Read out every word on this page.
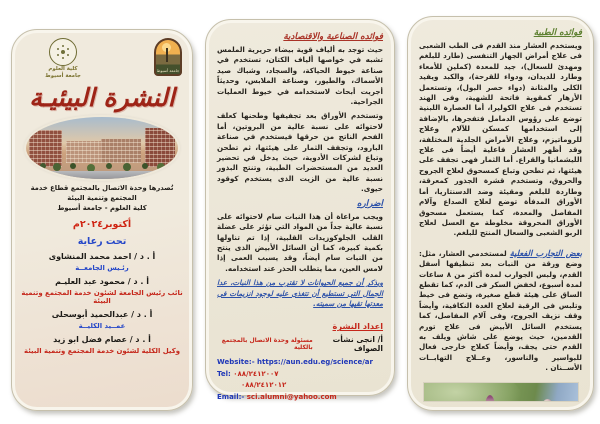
كلية العلوم
جامعة أسيوط
جامعة أسيوط
النشرة البيئيـة

تُصدرها وحدة الاتصال بالمجتمع قطاع خدمة المجتمع وتنمية البيئة

كلية العلوم - جامعة أسيوط

أكتوبر٢٠٢٤م

تحت رعاية

أ . د / احمد محمد المنشاوى

رئـيس الجامعــة

أ . د / محمود عبد العليـم

نائب رئيس الجامعة لشئون خدمة المجتمع وتنمية البيئة

أ . د / عبدالحميد أبوسحلى

عمــيد الكليــة

أ . د / عصام فضل ابو زيد

وكيل الكلية لشئون خدمة المجتمع وتنمية البيئة

فوائده الصناعية والاقتصادية

حيث توجد به ألياف قوية بيضاء حريرية الملمس تشبه في خواصها ألياف الكتان، تستخدم في صناعة خيوط الحياكة، والسجاد، وشباك صيد الأسماك، والطيور، وصناعة الملابس، وحديثاً أجريت أبحاث لاستخدامه في خيوط العمليات الجراحية.

وتستخدم الأوراق بعد تجفيفها وطحنها كعلف لاحتوائه على نسبة عالية من البروتين، أما الفحم الناتج من حرقها فيستخدم في صناعة البارود، وتجفف الثمار على هيئتها، ثم تطحن وتباع لشركات الأدوية، حيث يدخل في تحضير العديد من المستحضرات الطبية، وتنتج البذور نسبة عالية من الزيت الذى يستخدم كوقود حيوى.

اضراره

ويجب مراعاة أن هذا النبات سام لاحتوائه على نسبة عالية جداً من المواد التي تؤثر على عضلة القلب الجلوكوزيدات القلبية، إذا تم تناولها بكمية كبيرة، كما أن السائل الأبيض الذى ينتج من النبات سام أيضاً، وقد يسبب العمى إذا لامس العين، مما يتطلب الحذر عند استخدامه.

ويذكر أن جميع الحيوانات لا تقترب من هذا النبات، عدا الجمال التى تستطيع أن تتغذى عليه لوجود انزيمات فى معدتها تقيها من سميته.

اعداد النشرة
أ/ انجى نشأت الصواف
مسئولة وحدة الاتصال بالمجتمع بالكلية
Website:- https://aun.edu.eg/science/ar
Tel: ٠٨٨/٢٤١٢٠٠٧
٠٨٨/٢٤١٢٠١٢
Email:- sci.alumni@yahoo.com
فوائده الطبية

ويستخدم العشار منذ القدم فى الطب الشعبى فى علاج أمراض الجهاز التنفسى (طارد للبلغم ومهدئ للسعال)، جيد للمعدة (كملين للأمعاء وطارد للديدان، ودواء للقرحة)، والكبد ويفيد الكلى والمثانة (دواء حصر البول)، وتستعمل الأزهار كمقوية فاتحة للشهية، وفى الهند تستخدم فى علاج الكوليرا، أما العصارة اللبنية توضع على رؤوس الدمامل فتفجرها، بالإضافة إلى استخدامها كمسكن للآلام وعلاج للروماتيزم، وعلاج الأمراض الجلدية المختلفة، وقد أظهر العشار فاعلية أيضاً فى علاج الليشمانيا والقراع. أما الثمار فهى تجفف على هيئتها، ثم تطحن وتباع كمسحوق لعلاج الجروح والحروق، وتستخدم قشرة الجذور كمعرقة، وطاردة للبلغم ومقيئة وضد الدسنتاريا، أما الأوراق المدفأة توضع لعلاج الصداع وآلام المفاصل والمعدة، كما يستعمل مسحوق الأوراق المحروقة مخلوطة مع العسل لعلاج الربو الشعبى والسعال المنتج للبلغم.

بعض التجارب الفعلية لمستخدمي العشار، مثل: وضع ورقة من النبات بعد تنظيفها أسفل القدم، ولبس الجوارب لمدة أكثر من ٨ ساعات لمدة أسبوع، لخفض السكر فى الدم، كما تقطع الساق على هيئة قطع صغيرة، وتضع فى خيط وتلبس فى الرقبة لعلاج الغدة النكافية، وأيضاً وقف نزيف الجروح، وفى آلام المفاصل، كما يستخدم السائل الأبيض فى علاج تورم القدمين، حيث يوضع على شاش ويلف به القدم حتى يجف، وأيضاً كعلاج خارجى فعال للبواسير والناسور، وعــلاج التهابــات الأســنان .
